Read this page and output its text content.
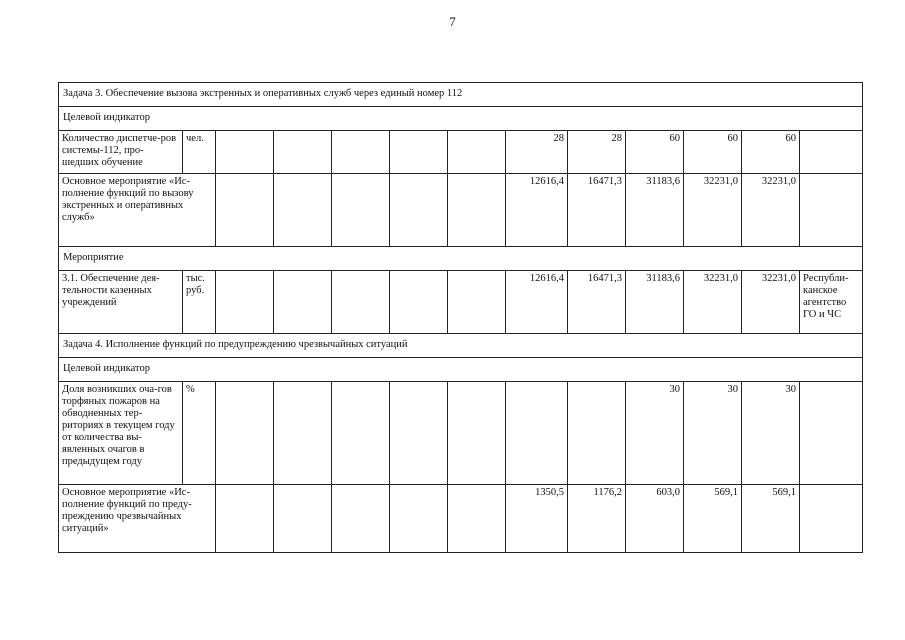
7
Задача 3. Обеспечение вызова экстренных и оперативных служб через единый номер 112												
Целевой индикатор												
Количество диспетче-ров системы-112, про-шедших обучение	чел.						28	28	60	60	60	
Основное мероприятие «Ис-полнение функций по вызову экстренных и оперативных служб»							12616,4	16471,3	31183,6	32231,0	32231,0	
Мероприятие												
3.1. Обеспечение дея-тельности казенных учреждений	тыс. руб.						12616,4	16471,3	31183,6	32231,0	32231,0	Республи-канское агентство ГО и ЧС
Задача 4. Исполнение функций по предупреждению чрезвычайных ситуаций												
Целевой индикатор												
Доля возникших оча-гов торфяных пожаров на обводненных тер-риториях в текущем году от количества вы-явленных очагов в предыдущем году	%								30	30	30	
Основное мероприятие «Ис-полнение функций по преду-преждению чрезвычайных ситуаций»							1350,5	1176,2	603,0	569,1	569,1	
